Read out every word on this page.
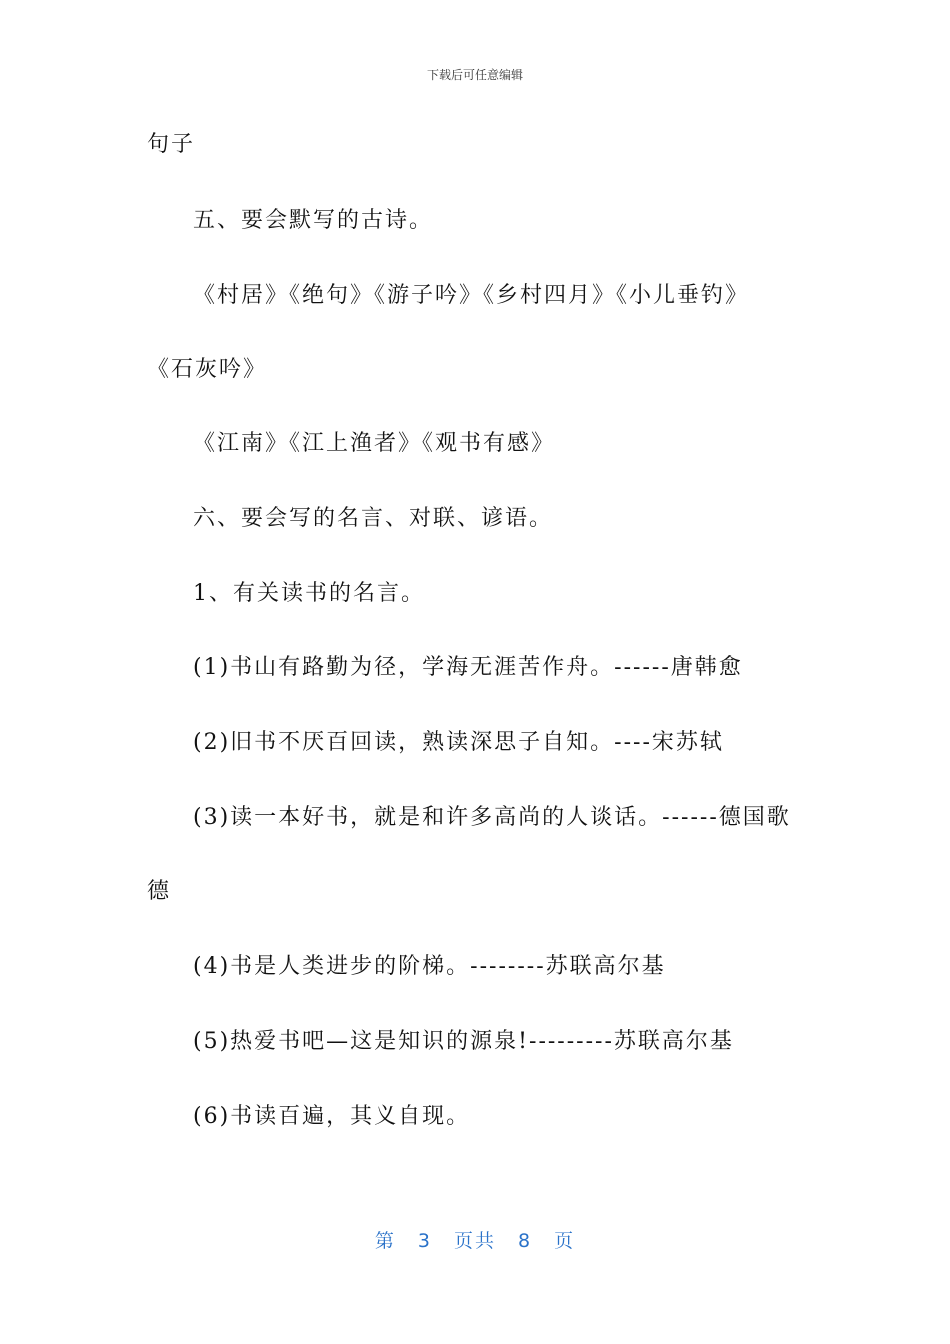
下载后可任意编辑
句子
五、要会默写的古诗。
《村居》《绝句》《游子吟》《乡村四月》《小儿垂钓》
《石灰吟》
《江南》《江上渔者》《观书有感》
六、要会写的名言、对联、谚语。
1、有关读书的名言。
(1)书山有路勤为径，学海无涯苦作舟。------唐韩愈
(2)旧书不厌百回读，熟读深思子自知。----宋苏轼
(3)读一本好书，就是和许多高尚的人谈话。------德国歌
德
(4)书是人类进步的阶梯。--------苏联高尔基
(5)热爱书吧—这是知识的源泉!---------苏联高尔基
(6)书读百遍，其义自现。
第 3 页共 8 页
